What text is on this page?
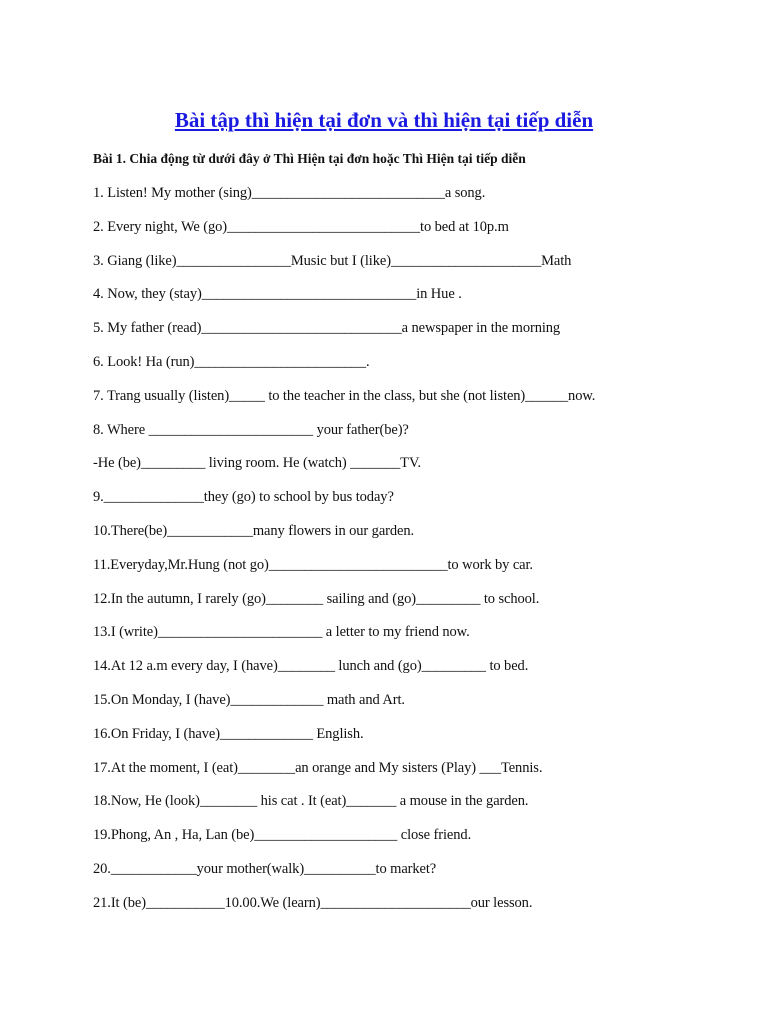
Bài tập thì hiện tại đơn và thì hiện tại tiếp diễn
Bài 1. Chia động từ dưới đây ở Thì Hiện tại đơn hoặc Thì Hiện tại tiếp diễn
1. Listen! My mother (sing)___________________________a song.
2. Every night, We (go)___________________________to bed at 10p.m
3. Giang (like)________________Music but I (like)_____________________Math
4. Now, they (stay)______________________________in Hue .
5. My father (read)____________________________a newspaper in the morning
6. Look! Ha (run)________________________.
7. Trang usually (listen)_____ to the teacher in the class, but she (not listen)______now.
8. Where _______________________ your father(be)?
-He (be)_________ living room. He (watch) _______TV.
9.______________they (go) to school by bus today?
10.There(be)____________many flowers in our garden.
11.Everyday,Mr.Hung (not go)_________________________to work by car.
12.In the autumn, I rarely (go)________ sailing and (go)_________ to school.
13.I (write)_______________________ a letter to my friend now.
14.At 12 a.m every day, I (have)________ lunch and (go)_________ to bed.
15.On Monday, I (have)_____________ math and Art.
16.On Friday, I (have)_____________ English.
17.At the moment, I (eat)________an orange and My sisters (Play) ___Tennis.
18.Now, He (look)________ his cat . It (eat)_______ a mouse in the garden.
19.Phong, An , Ha, Lan (be)____________________ close friend.
20.____________your mother(walk)__________to market?
21.It (be)___________10.00.We (learn)_____________________our lesson.
